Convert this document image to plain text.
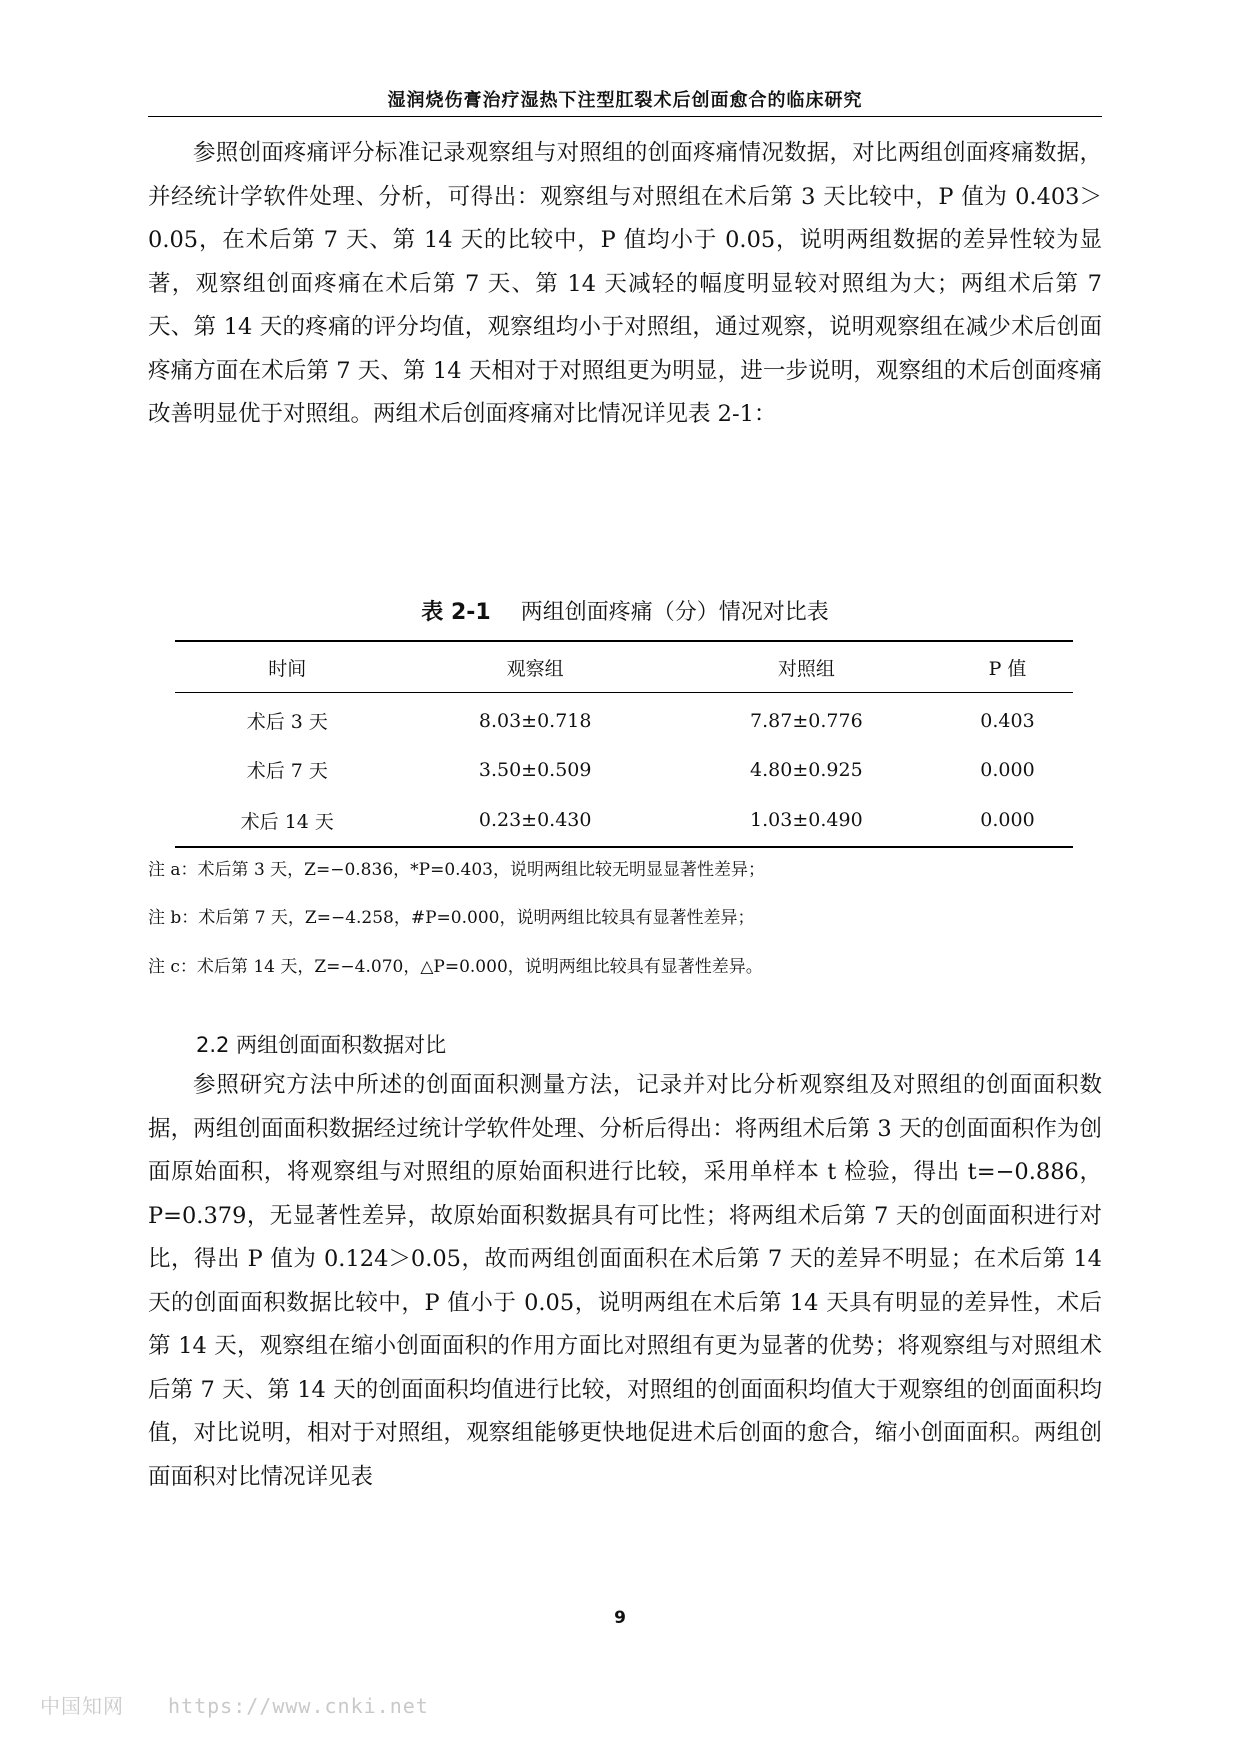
湿润烧伤膏治疗湿热下注型肛裂术后创面愈合的临床研究

参照创面疼痛评分标准记录观察组与对照组的创面疼痛情况数据，对比两组创面疼痛数据，并经统计学软件处理、分析，可得出：观察组与对照组在术后第 3 天比较中，P 值为 0.403＞0.05，在术后第 7 天、第 14 天的比较中，P 值均小于 0.05，说明两组数据的差异性较为显著，观察组创面疼痛在术后第 7 天、第 14 天减轻的幅度明显较对照组为大；两组术后第 7 天、第 14 天的疼痛的评分均值，观察组均小于对照组，通过观察，说明观察组在减少术后创面疼痛方面在术后第 7 天、第 14 天相对于对照组更为明显，进一步说明，观察组的术后创面疼痛改善明显优于对照组。两组术后创面疼痛对比情况详见表 2-1：

表 2-1 两组创面疼痛（分）情况对比表
时间	观察组	对照组	P 值
术后 3 天	8.03±0.718	7.87±0.776	0.403
术后 7 天	3.50±0.509	4.80±0.925	0.000
术后 14 天	0.23±0.430	1.03±0.490	0.000
注 a：术后第 3 天，Z=−0.836，*P=0.403，说明两组比较无明显显著性差异；
注 b：术后第 7 天，Z=−4.258，#P=0.000，说明两组比较具有显著性差异；
注 c：术后第 14 天，Z=−4.070，△P=0.000，说明两组比较具有显著性差异。
2.2 两组创面面积数据对比

参照研究方法中所述的创面面积测量方法，记录并对比分析观察组及对照组的创面面积数据，两组创面面积数据经过统计学软件处理、分析后得出：将两组术后第 3 天的创面面积作为创面原始面积，将观察组与对照组的原始面积进行比较，采用单样本 t 检验，得出 t=−0.886，P=0.379，无显著性差异，故原始面积数据具有可比性；将两组术后第 7 天的创面面积进行对比，得出 P 值为 0.124＞0.05，故而两组创面面积在术后第 7 天的差异不明显；在术后第 14 天的创面面积数据比较中，P 值小于 0.05，说明两组在术后第 14 天具有明显的差异性，术后第 14 天，观察组在缩小创面面积的作用方面比对照组有更为显著的优势；将观察组与对照组术后第 7 天、第 14 天的创面面积均值进行比较，对照组的创面面积均值大于观察组的创面面积均值，对比说明，相对于对照组，观察组能够更快地促进术后创面的愈合，缩小创面面积。两组创面面积对比情况详见表

9
中国知网 https://www.cnki.net
